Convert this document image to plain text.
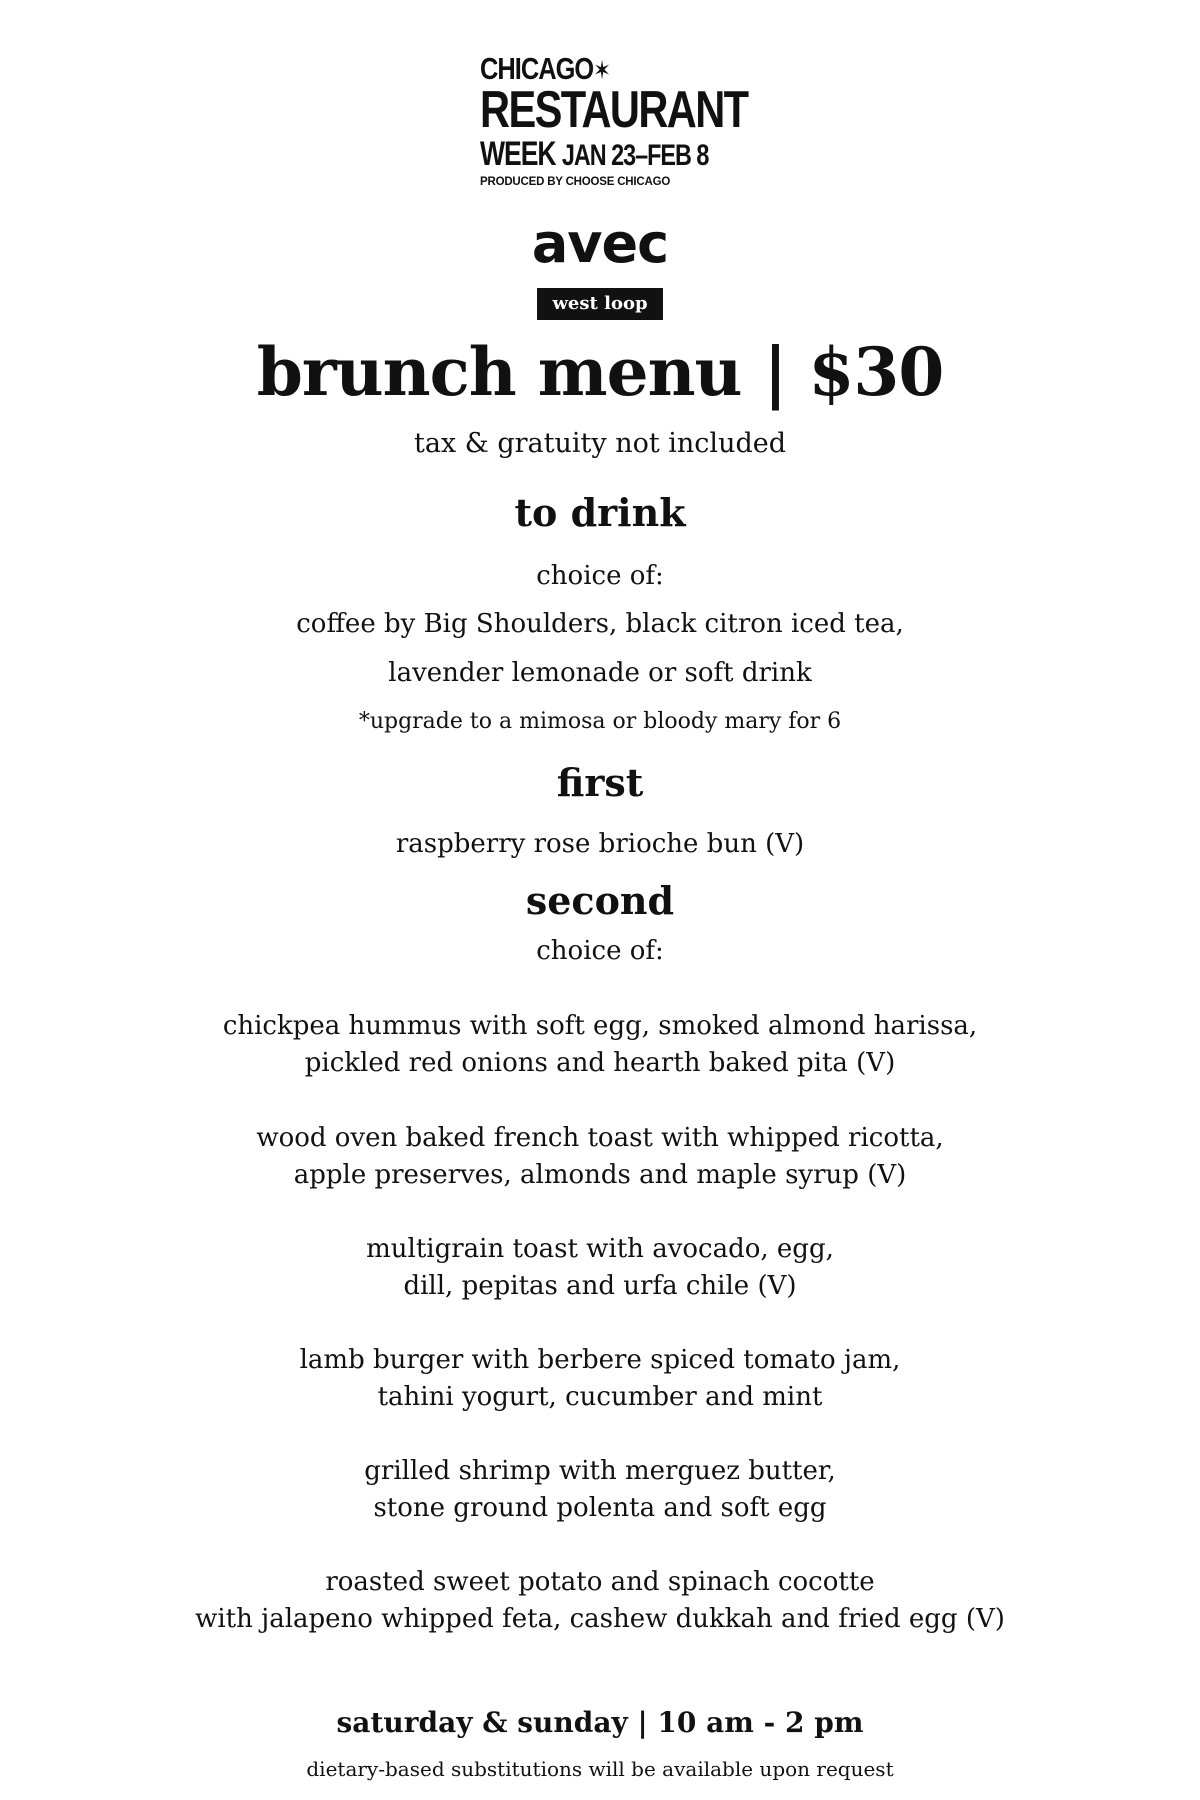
CHICAGO✶
RESTAURANT
WEEK JAN 23–FEB 8
PRODUCED BY CHOOSE CHICAGO
avec
west loop
brunch menu | $30
tax & gratuity not included
to drink
choice of:
coffee by Big Shoulders, black citron iced tea,
lavender lemonade or soft drink
*upgrade to a mimosa or bloody mary for 6
first
raspberry rose brioche bun (V)
second
choice of:
chickpea hummus with soft egg, smoked almond harissa,
pickled red onions and hearth baked pita (V)
wood oven baked french toast with whipped ricotta,
apple preserves, almonds and maple syrup (V)
multigrain toast with avocado, egg,
dill, pepitas and urfa chile (V)
lamb burger with berbere spiced tomato jam,
tahini yogurt, cucumber and mint
grilled shrimp with merguez butter,
stone ground polenta and soft egg
roasted sweet potato and spinach cocotte
with jalapeno whipped feta, cashew dukkah and fried egg (V)
saturday & sunday | 10 am - 2 pm
dietary-based substitutions will be available upon request
